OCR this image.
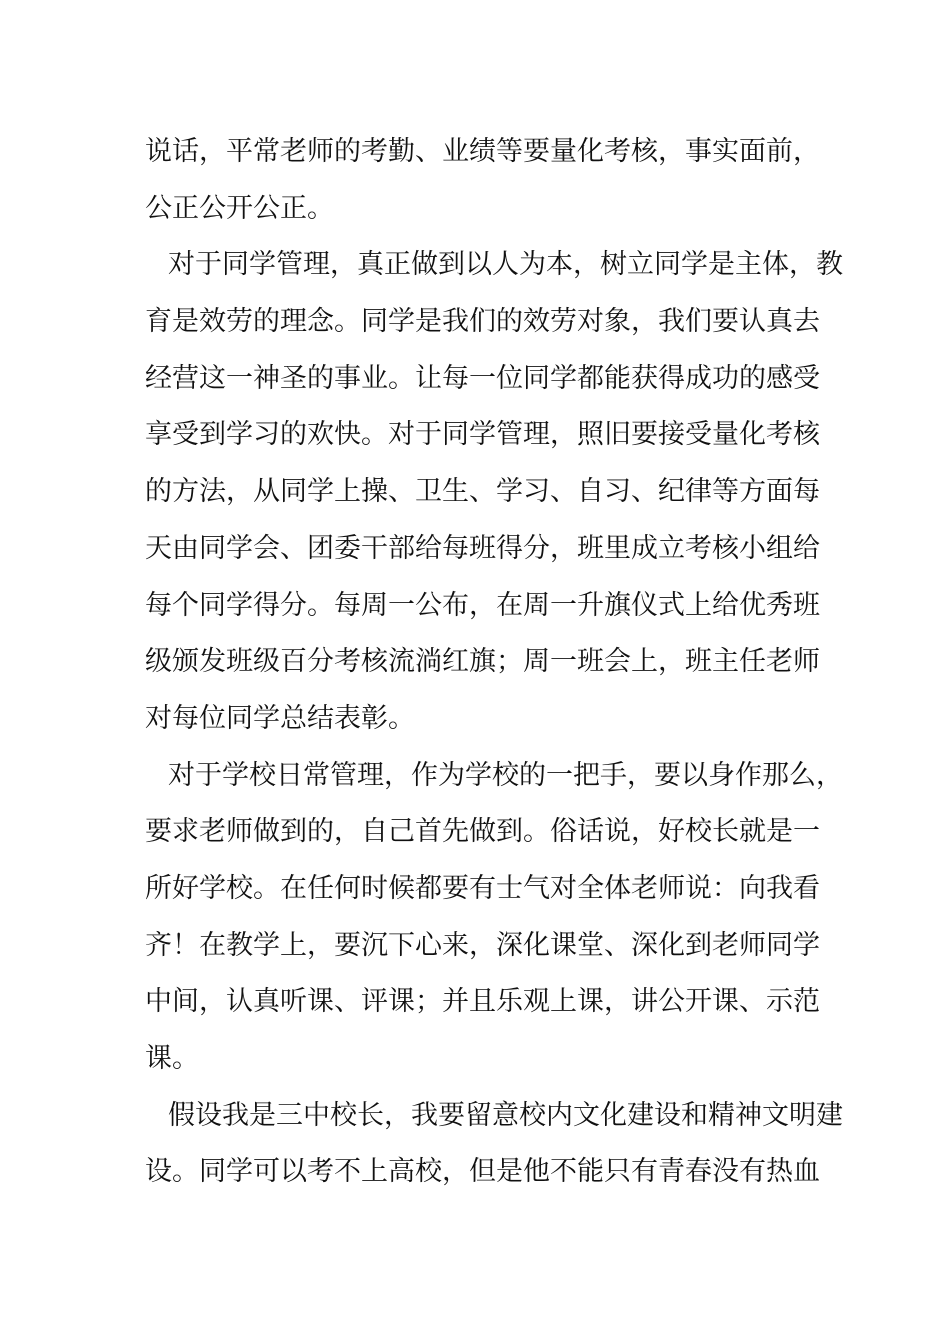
说话，平常老师的考勤、业绩等要量化考核，事实面前，
公正公开公正。
对于同学管理，真正做到以人为本，树立同学是主体，教
育是效劳的理念。同学是我们的效劳对象，我们要认真去
经营这一神圣的事业。让每一位同学都能获得成功的感受
享受到学习的欢快。对于同学管理，照旧要接受量化考核
的方法，从同学上操、卫生、学习、自习、纪律等方面每
天由同学会、团委干部给每班得分，班里成立考核小组给
每个同学得分。每周一公布，在周一升旗仪式上给优秀班
级颁发班级百分考核流淌红旗；周一班会上，班主任老师
对每位同学总结表彰。
对于学校日常管理，作为学校的一把手，要以身作那么，
要求老师做到的，自己首先做到。俗话说，好校长就是一
所好学校。在任何时候都要有士气对全体老师说：向我看
齐！在教学上，要沉下心来，深化课堂、深化到老师同学
中间，认真听课、评课；并且乐观上课，讲公开课、示范
课。
假设我是三中校长，我要留意校内文化建设和精神文明建
设。同学可以考不上高校，但是他不能只有青春没有热血
